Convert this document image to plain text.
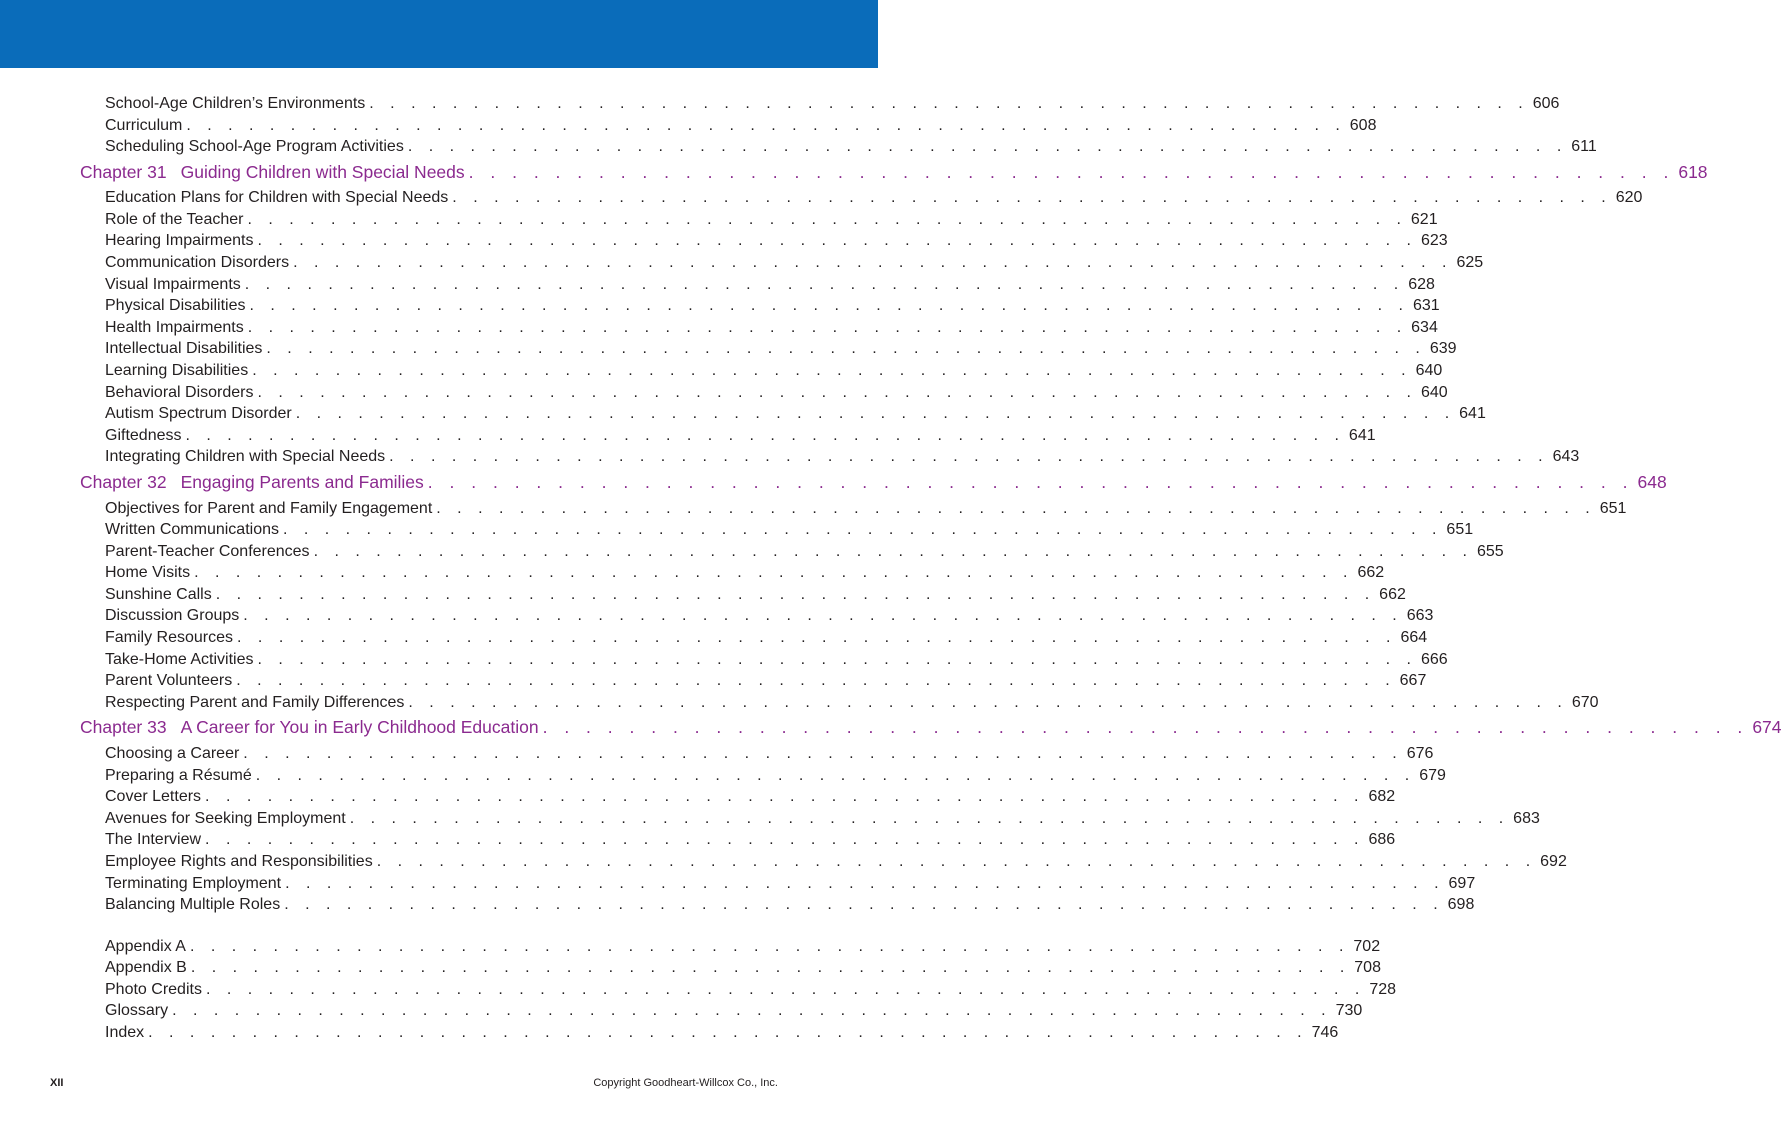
School-Age Children’s Environments . . . . . . . . . . . . . . . . . . . . . . . . . . . . . . . . . . . . . . . . . . . . . . . . . . . . . . . . 606
Curriculum . . . . . . . . . . . . . . . . . . . . . . . . . . . . . . . . . . . . . . . . . . . . . . . . . . . . . . . . 608
Scheduling School-Age Program Activities . . . . . . . . . . . . . . . . . . . . . . . . . . . . . . . . . . . . . . . . . . . . . . . . . . . . . . . . 611
Chapter 31 Guiding Children with Special Needs . . . . . . . . . . . . . . . . . . . . . . . . . . . . . . . . . . . . . . . . . . . . . . . . . . . . . . . . 618
Education Plans for Children with Special Needs . . . . . . . . . . . . . . . . . . . . . . . . . . . . . . . . . . . . . . . . . . . . . . . . . . . . . . . . 620
Role of the Teacher . . . . . . . . . . . . . . . . . . . . . . . . . . . . . . . . . . . . . . . . . . . . . . . . . . . . . . . . 621
Hearing Impairments . . . . . . . . . . . . . . . . . . . . . . . . . . . . . . . . . . . . . . . . . . . . . . . . . . . . . . . . 623
Communication Disorders . . . . . . . . . . . . . . . . . . . . . . . . . . . . . . . . . . . . . . . . . . . . . . . . . . . . . . . . 625
Visual Impairments . . . . . . . . . . . . . . . . . . . . . . . . . . . . . . . . . . . . . . . . . . . . . . . . . . . . . . . . 628
Physical Disabilities . . . . . . . . . . . . . . . . . . . . . . . . . . . . . . . . . . . . . . . . . . . . . . . . . . . . . . . . 631
Health Impairments . . . . . . . . . . . . . . . . . . . . . . . . . . . . . . . . . . . . . . . . . . . . . . . . . . . . . . . . 634
Intellectual Disabilities . . . . . . . . . . . . . . . . . . . . . . . . . . . . . . . . . . . . . . . . . . . . . . . . . . . . . . . . 639
Learning Disabilities . . . . . . . . . . . . . . . . . . . . . . . . . . . . . . . . . . . . . . . . . . . . . . . . . . . . . . . . 640
Behavioral Disorders . . . . . . . . . . . . . . . . . . . . . . . . . . . . . . . . . . . . . . . . . . . . . . . . . . . . . . . . 640
Autism Spectrum Disorder . . . . . . . . . . . . . . . . . . . . . . . . . . . . . . . . . . . . . . . . . . . . . . . . . . . . . . . . 641
Giftedness . . . . . . . . . . . . . . . . . . . . . . . . . . . . . . . . . . . . . . . . . . . . . . . . . . . . . . . . 641
Integrating Children with Special Needs . . . . . . . . . . . . . . . . . . . . . . . . . . . . . . . . . . . . . . . . . . . . . . . . . . . . . . . . 643
Chapter 32 Engaging Parents and Families . . . . . . . . . . . . . . . . . . . . . . . . . . . . . . . . . . . . . . . . . . . . . . . . . . . . . . . . 648
Objectives for Parent and Family Engagement . . . . . . . . . . . . . . . . . . . . . . . . . . . . . . . . . . . . . . . . . . . . . . . . . . . . . . . . 651
Written Communications . . . . . . . . . . . . . . . . . . . . . . . . . . . . . . . . . . . . . . . . . . . . . . . . . . . . . . . . 651
Parent-Teacher Conferences . . . . . . . . . . . . . . . . . . . . . . . . . . . . . . . . . . . . . . . . . . . . . . . . . . . . . . . . 655
Home Visits . . . . . . . . . . . . . . . . . . . . . . . . . . . . . . . . . . . . . . . . . . . . . . . . . . . . . . . . 662
Sunshine Calls . . . . . . . . . . . . . . . . . . . . . . . . . . . . . . . . . . . . . . . . . . . . . . . . . . . . . . . . 662
Discussion Groups . . . . . . . . . . . . . . . . . . . . . . . . . . . . . . . . . . . . . . . . . . . . . . . . . . . . . . . . 663
Family Resources . . . . . . . . . . . . . . . . . . . . . . . . . . . . . . . . . . . . . . . . . . . . . . . . . . . . . . . . 664
Take-Home Activities . . . . . . . . . . . . . . . . . . . . . . . . . . . . . . . . . . . . . . . . . . . . . . . . . . . . . . . . 666
Parent Volunteers . . . . . . . . . . . . . . . . . . . . . . . . . . . . . . . . . . . . . . . . . . . . . . . . . . . . . . . . 667
Respecting Parent and Family Differences . . . . . . . . . . . . . . . . . . . . . . . . . . . . . . . . . . . . . . . . . . . . . . . . . . . . . . . . 670
Chapter 33 A Career for You in Early Childhood Education . . . . . . . . . . . . . . . . . . . . . . . . . . . . . . . . . . . . . . . . . . . . . . . . . . . . . . . . 674
Choosing a Career . . . . . . . . . . . . . . . . . . . . . . . . . . . . . . . . . . . . . . . . . . . . . . . . . . . . . . . . 676
Preparing a Résumé . . . . . . . . . . . . . . . . . . . . . . . . . . . . . . . . . . . . . . . . . . . . . . . . . . . . . . . . 679
Cover Letters . . . . . . . . . . . . . . . . . . . . . . . . . . . . . . . . . . . . . . . . . . . . . . . . . . . . . . . . 682
Avenues for Seeking Employment . . . . . . . . . . . . . . . . . . . . . . . . . . . . . . . . . . . . . . . . . . . . . . . . . . . . . . . . 683
The Interview . . . . . . . . . . . . . . . . . . . . . . . . . . . . . . . . . . . . . . . . . . . . . . . . . . . . . . . . 686
Employee Rights and Responsibilities . . . . . . . . . . . . . . . . . . . . . . . . . . . . . . . . . . . . . . . . . . . . . . . . . . . . . . . . 692
Terminating Employment . . . . . . . . . . . . . . . . . . . . . . . . . . . . . . . . . . . . . . . . . . . . . . . . . . . . . . . . 697
Balancing Multiple Roles . . . . . . . . . . . . . . . . . . . . . . . . . . . . . . . . . . . . . . . . . . . . . . . . . . . . . . . . 698
Appendix A . . . . . . . . . . . . . . . . . . . . . . . . . . . . . . . . . . . . . . . . . . . . . . . . . . . . . . . . 702
Appendix B . . . . . . . . . . . . . . . . . . . . . . . . . . . . . . . . . . . . . . . . . . . . . . . . . . . . . . . . 708
Photo Credits . . . . . . . . . . . . . . . . . . . . . . . . . . . . . . . . . . . . . . . . . . . . . . . . . . . . . . . . 728
Glossary . . . . . . . . . . . . . . . . . . . . . . . . . . . . . . . . . . . . . . . . . . . . . . . . . . . . . . . . 730
Index . . . . . . . . . . . . . . . . . . . . . . . . . . . . . . . . . . . . . . . . . . . . . . . . . . . . . . . . 746
XII	Copyright Goodheart-Willcox Co., Inc.
